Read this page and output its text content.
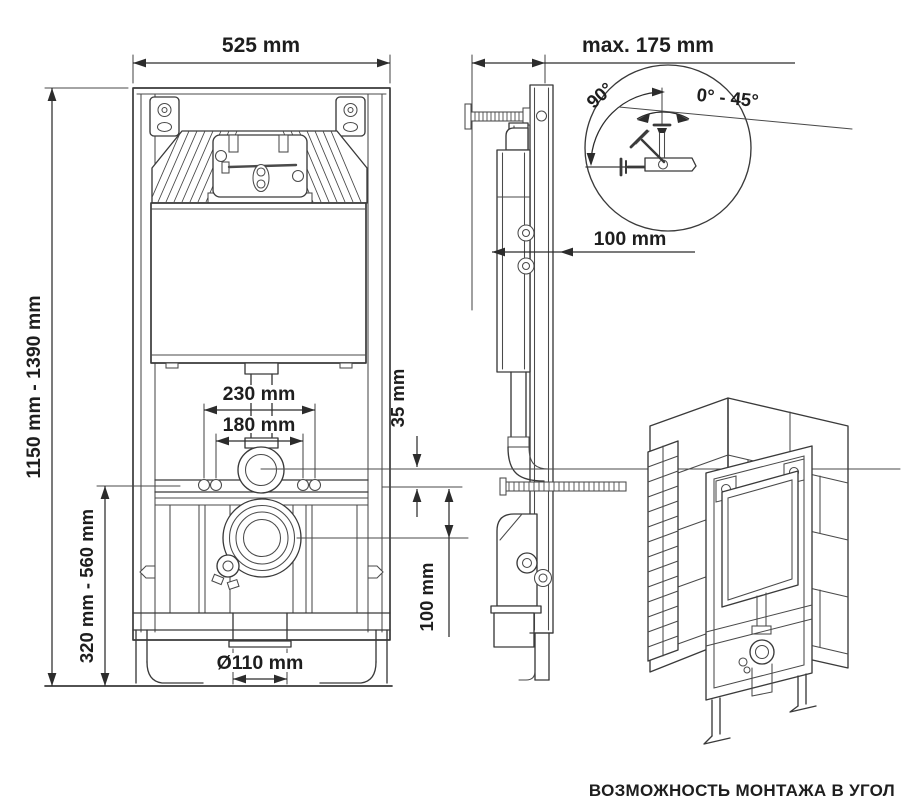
90°	0° - 45°
525 mm	max. 175 mm
1150 mm - 1390 mm
320 mm - 560 mm
230 mm
180 mm	35 mm
100 mm
Ø110 mm
100 mm
ВОЗМОЖНОСТЬ МОНТАЖА В УГОЛ
